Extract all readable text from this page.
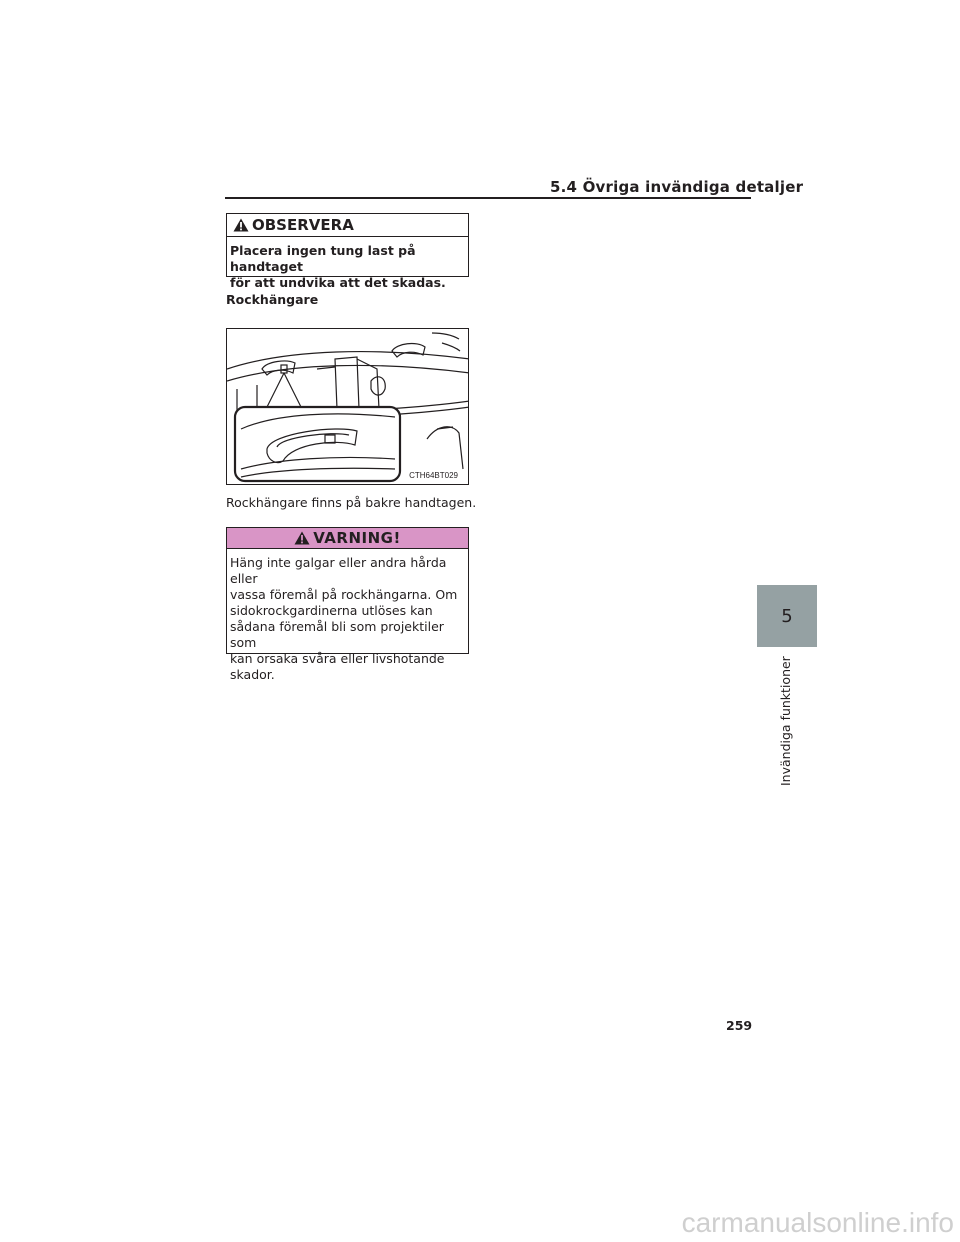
5.4 Övriga invändiga detaljer
OBSERVERA
Placera ingen tung last på handtaget
för att undvika att det skadas.
Rockhängare
CTH64BT029
Rockhängare finns på bakre handtagen.
VARNING!
Häng inte galgar eller andra hårda eller
vassa föremål på rockhängarna. Om
sidokrockgardinerna utlöses kan
sådana föremål bli som projektiler som
kan orsaka svåra eller livshotande
skador.
5
Invändiga funktioner
259
carmanualsonline.info
